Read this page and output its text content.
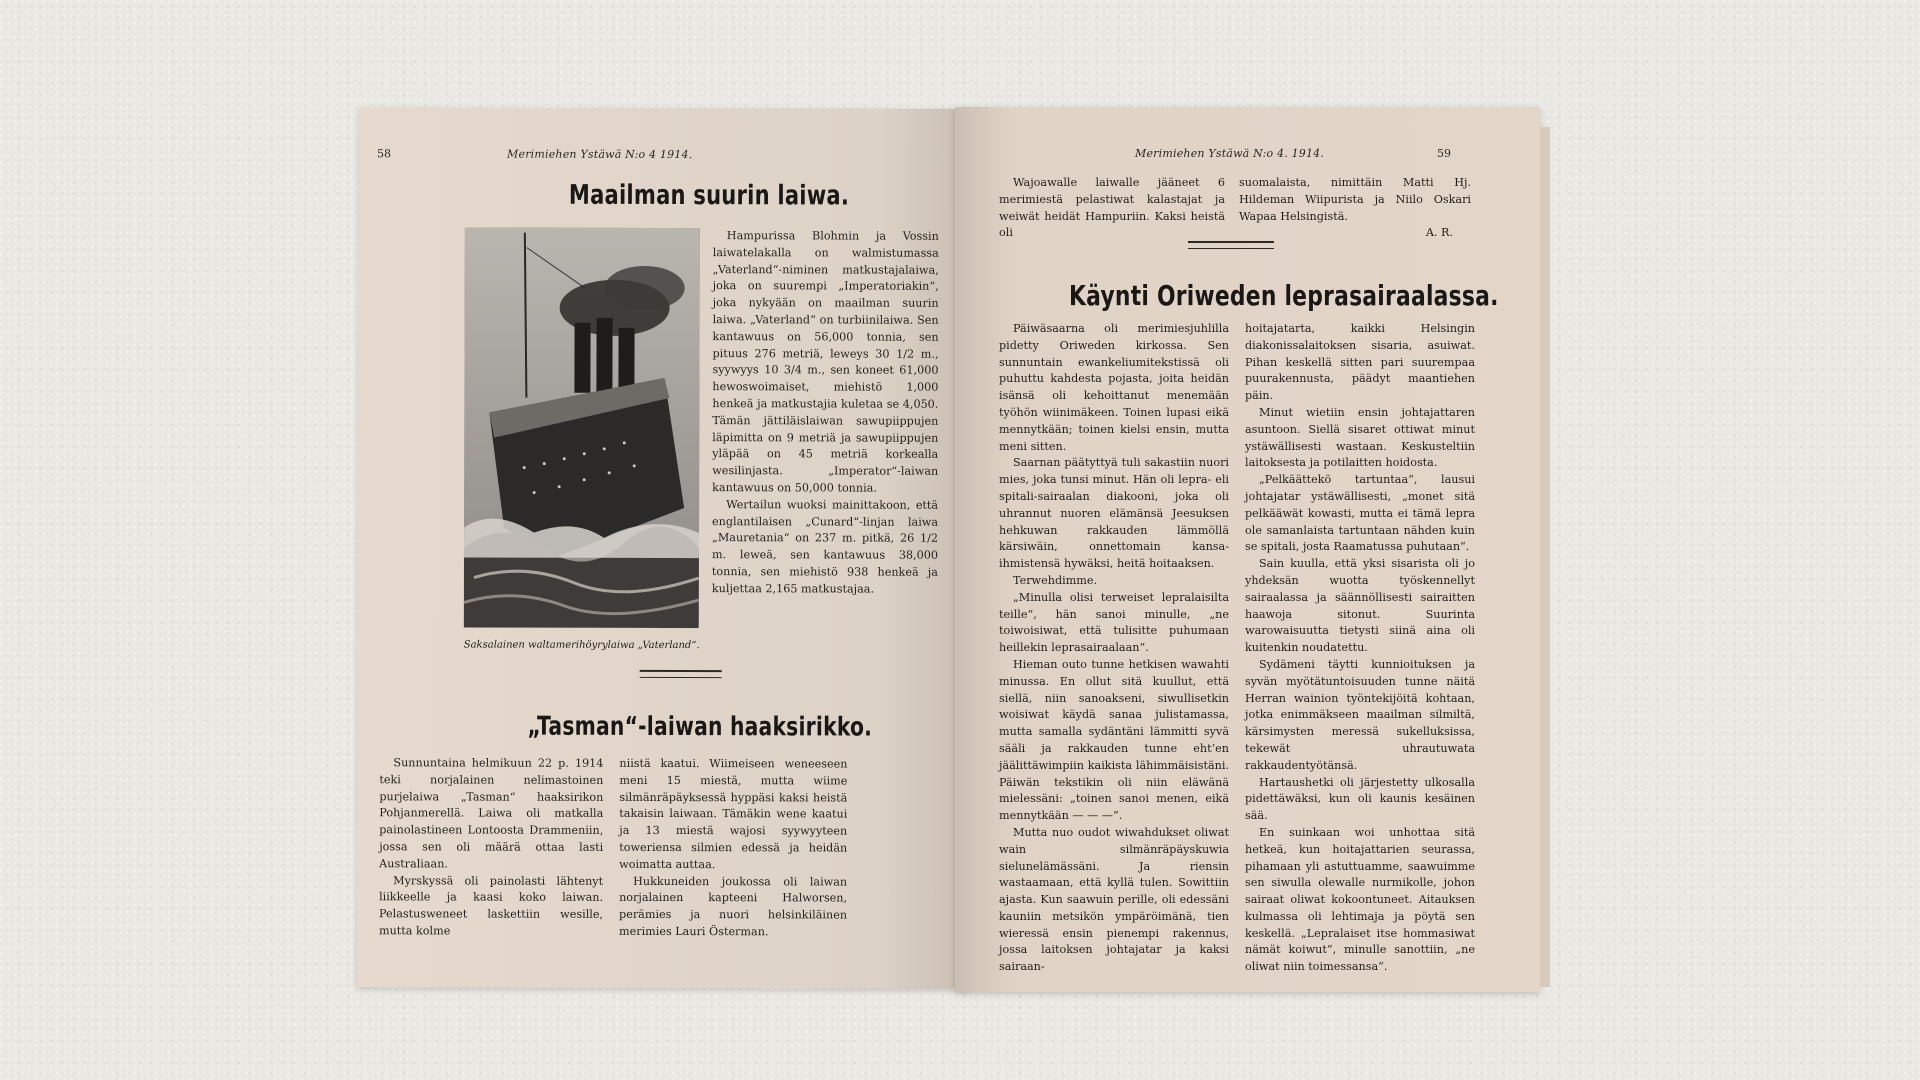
58	Merimiehen Ystäwä N:o 4 1914.
Maailman suurin laiwa.
Saksalainen waltamerihöyrylaiwa „Vaterland“.

Hampurissa Blohmin ja Vossin laiwatelakalla on walmistumassa „Vaterland“-niminen matkustajalaiwa, joka on suurempi „Imperatoriakin“, joka nykyään on maailman suurin laiwa. „Vaterland“ on turbiinilaiwa. Sen kantawuus on 56,000 tonnia, sen pituus 276 metriä, leweys 30 1/2 m., syywyys 10 3/4 m., sen koneet 61,000 hewoswoimaiset, miehistö 1,000 henkeä ja matkustajia kuletaa se 4,050. Tämän jättiläislaiwan sawupiippujen läpimitta on 9 metriä ja sawupiippujen yläpää on 45 metriä korkealla wesilinjasta. „Imperator“-laiwan kantawuus on 50,000 tonnia.

Wertailun wuoksi mainittakoon, että englantilaisen „Cunard“-linjan laiwa „Mauretania“ on 237 m. pitkä, 26 1/2 m. leweä, sen kantawuus 38,000 tonnia, sen miehistö 938 henkeä ja kuljettaa 2,165 matkustajaa.

„Tasman“-laiwan haaksirikko.

Sunnuntaina helmikuun 22 p. 1914 teki norjalainen nelimastoinen purjelaiwa „Tasman“ haaksirikon Pohjanmerellä. Laiwa oli matkalla painolastineen Lontoosta Drammeniin, jossa sen oli määrä ottaa lasti Australiaan.

Myrskyssä oli painolasti lähtenyt liikkeelle ja kaasi koko laiwan. Pelastusweneet laskettiin wesille, mutta kolme

niistä kaatui. Wiimeiseen weneeseen meni 15 miestä, mutta wiime silmänräpäyksessä hyppäsi kaksi heistä takaisin laiwaan. Tämäkin wene kaatui ja 13 miestä wajosi syywyyteen toweriensa silmien edessä ja heidän woimatta auttaa.

Hukkuneiden joukossa oli laiwan norjalainen kapteeni Halworsen, perämies ja nuori helsinkiläinen merimies Lauri Österman.

Merimiehen Ystäwä N:o 4. 1914.	59

Wajoawalle laiwalle jääneet 6 merimiestä pelastiwat kalastajat ja weiwät heidät Hampuriin. Kaksi heistä oli

suomalaista, nimittäin Matti Hj. Hildeman Wiipurista ja Niilo Oskari Wapaa Helsingistä.

A. R.

Käynti Oriweden leprasairaalassa.

Päiwäsaarna oli merimiesjuhlilla pidetty Oriweden kirkossa. Sen sunnuntain ewankeliumitekstissä oli puhuttu kahdesta pojasta, joita heidän isänsä oli kehoittanut menemään työhön wiinimäkeen. Toinen lupasi eikä mennytkään; toinen kielsi ensin, mutta meni sitten.

Saarnan päätyttyä tuli sakastiin nuori mies, joka tunsi minut. Hän oli lepra- eli spitali-sairaalan diakooni, joka oli uhrannut nuoren elämänsä Jeesuksen hehkuwan rakkauden lämmöllä kärsiwäin, onnettomain kansa-ihmistensä hywäksi, heitä hoitaaksen.

Terwehdimme.

„Minulla olisi terweiset lepralaisilta teille“, hän sanoi minulle, „ne toiwoisiwat, että tulisitte puhumaan heillekin leprasairaalaan“.

Hieman outo tunne hetkisen wawahti minussa. En ollut sitä kuullut, että siellä, niin sanoakseni, siwullisetkin woisiwat käydä sanaa julistamassa, mutta samalla sydäntäni lämmitti syvä sääli ja rakkauden tunne eht’en jäälittäwimpiin kaikista lähimmäisistäni. Päiwän tekstikin oli niin eläwänä mielessäni: „toinen sanoi menen, eikä mennytkään — — —“.

Mutta nuo oudot wiwahdukset oliwat wain silmänräpäyskuwia sielunelämässäni. Ja riensin wastaamaan, että kyllä tulen. Sowittiin ajasta. Kun saawuin perille, oli edessäni kauniin metsikön ympäröimänä, tien wieressä ensin pienempi rakennus, jossa laitoksen johtajatar ja kaksi sairaan-

hoitajatarta, kaikki Helsingin diakonissalaitoksen sisaria, asuiwat. Pihan keskellä sitten pari suurempaa puurakennusta, päädyt maantiehen päin.

Minut wietiin ensin johtajattaren asuntoon. Siellä sisaret ottiwat minut ystäwällisesti wastaan. Keskusteltiin laitoksesta ja potilaitten hoidosta.

„Pelkäättekö tartuntaa“, lausui johtajatar ystäwällisesti, „monet sitä pelkääwät kowasti, mutta ei tämä lepra ole samanlaista tartuntaan nähden kuin se spitali, josta Raamatussa puhutaan“.

Sain kuulla, että yksi sisarista oli jo yhdeksän wuotta työskennellyt sairaalassa ja säännöllisesti sairaitten haawoja sitonut. Suurinta warowaisuutta tietysti siinä aina oli kuitenkin noudatettu.

Sydämeni täytti kunnioituksen ja syvän myötätuntoisuuden tunne näitä Herran wainion työntekijöitä kohtaan, jotka enimmäkseen maailman silmiltä, kärsimysten meressä sukelluksissa, tekewät uhrautuwata rakkaudentyötänsä.

Hartaushetki oli järjestetty ulkosalla pidettäwäksi, kun oli kaunis kesäinen sää.

En suinkaan woi unhottaa sitä hetkeä, kun hoitajattarien seurassa, pihamaan yli astuttuamme, saawuimme sen siwulla olewalle nurmikolle, johon sairaat oliwat kokoontuneet. Aitauksen kulmassa oli lehtimaja ja pöytä sen keskellä. „Lepralaiset itse hommasiwat nämät koiwut“, minulle sanottiin, „ne oliwat niin toimessansa“.
